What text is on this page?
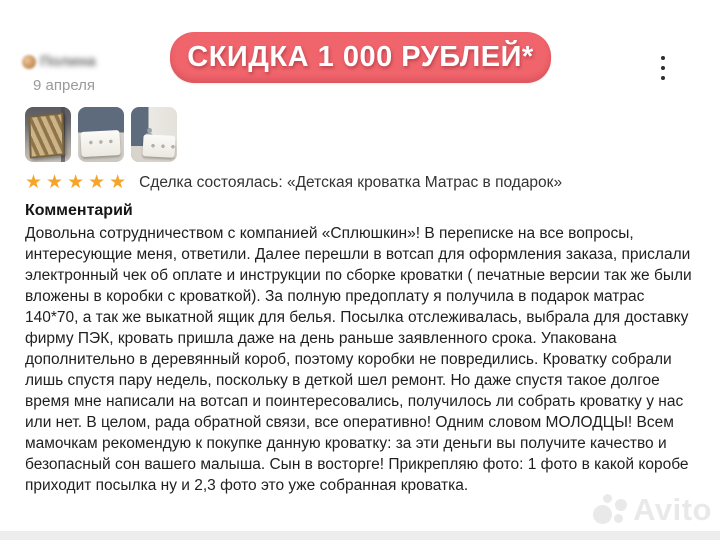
Полина
9 апреля
СКИДКА 1 000 РУБЛЕЙ*
★★★★★ Сделка состоялась: «Детская кроватка Матрас в подарок»
Комментарий
Довольна сотрудничеством с компанией «Сплюшкин»! В переписке на все вопросы, интересующие меня, ответили. Далее перешли в вотсап для оформления заказа, прислали электронный чек об оплате и инструкции по сборке кроватки ( печатные версии так же были вложены в коробки с кроваткой). За полную предоплату я получила в подарок матрас 140*70, а так же выкатной ящик для белья. Посылка отслеживалась, выбрала для доставку фирму ПЭК, кровать пришла даже на день раньше заявленного срока. Упакована дополнительно в деревянный короб, поэтому коробки не повредились. Кроватку собрали лишь спустя пару недель, поскольку в деткой шел ремонт. Но даже спустя такое долгое время мне написали на вотсап и поинтересовались, получилось ли собрать кроватку у нас или нет. В целом, рада обратной связи, все оперативно! Одним словом МОЛОДЦЫ! Всем мамочкам рекомендую к покупке данную кроватку: за эти деньги вы получите качество и безопасный сон вашего малыша. Сын в восторге! Прикрепляю фото: 1 фото в какой коробе приходит посылка ну и 2,3 фото это уже собранная кроватка.
Avito
